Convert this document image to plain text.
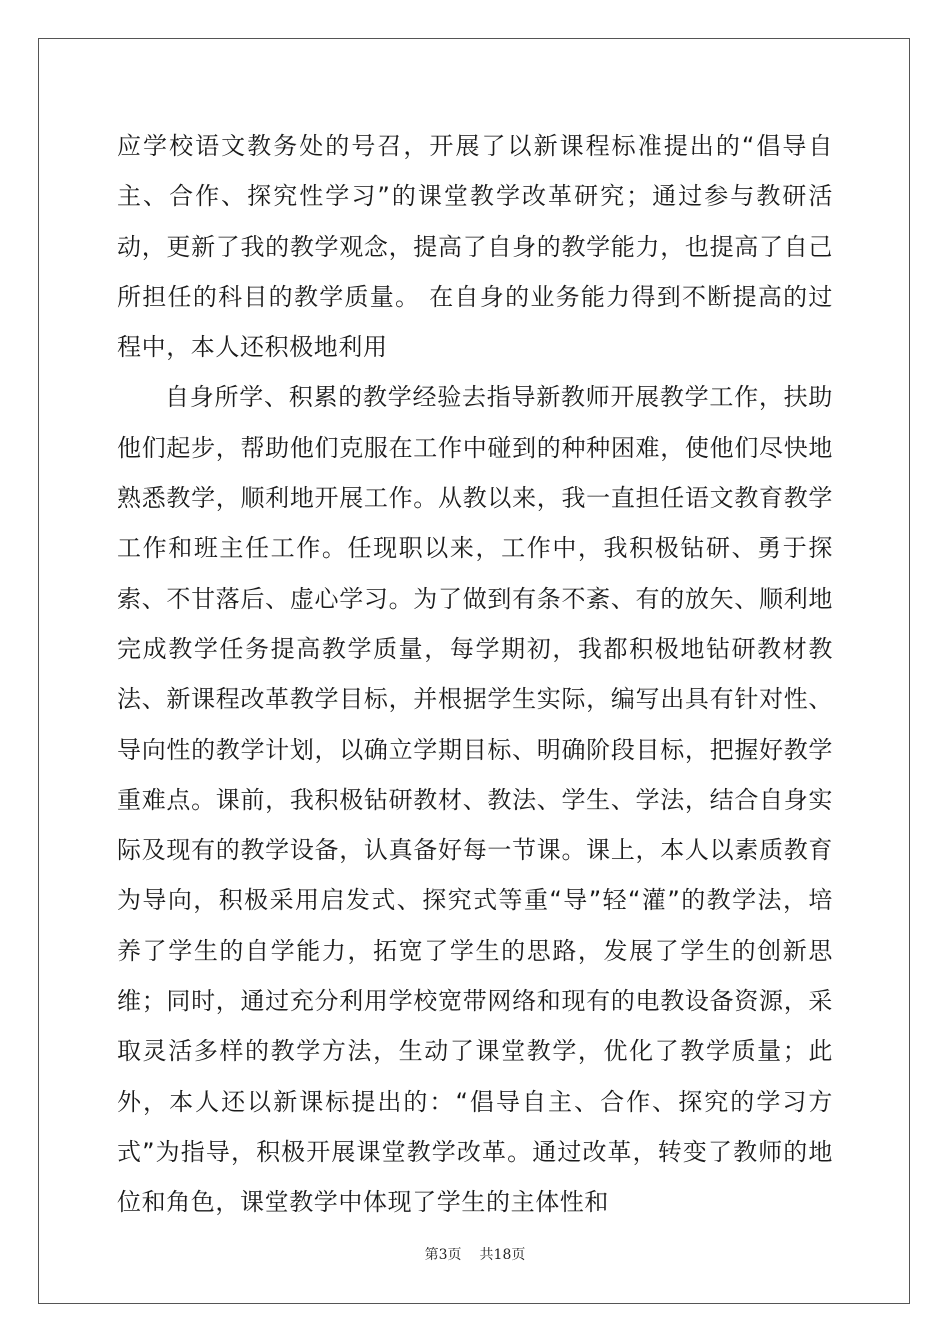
应学校语文教务处的号召，开展了以新课程标准提出的“倡导自主、合作、探究性学习”的课堂教学改革研究；通过参与教研活动，更新了我的教学观念，提高了自身的教学能力，也提高了自己所担任的科目的教学质量。 在自身的业务能力得到不断提高的过程中，本人还积极地利用

自身所学、积累的教学经验去指导新教师开展教学工作，扶助他们起步，帮助他们克服在工作中碰到的种种困难，使他们尽快地熟悉教学，顺利地开展工作。从教以来，我一直担任语文教育教学工作和班主任工作。任现职以来，工作中，我积极钻研、勇于探索、不甘落后、虚心学习。为了做到有条不紊、有的放矢、顺利地完成教学任务提高教学质量，每学期初，我都积极地钻研教材教法、新课程改革教学目标，并根据学生实际，编写出具有针对性、导向性的教学计划，以确立学期目标、明确阶段目标，把握好教学重难点。课前，我积极钻研教材、教法、学生、学法，结合自身实际及现有的教学设备，认真备好每一节课。课上，本人以素质教育为导向，积极采用启发式、探究式等重“导”轻“灌”的教学法，培养了学生的自学能力，拓宽了学生的思路，发展了学生的创新思维；同时，通过充分利用学校宽带网络和现有的电教设备资源，采取灵活多样的教学方法，生动了课堂教学，优化了教学质量；此外，本人还以新课标提出的：“倡导自主、合作、探究的学习方式”为指导，积极开展课堂教学改革。通过改革，转变了教师的地位和角色，课堂教学中体现了学生的主体性和

第3页 共18页
